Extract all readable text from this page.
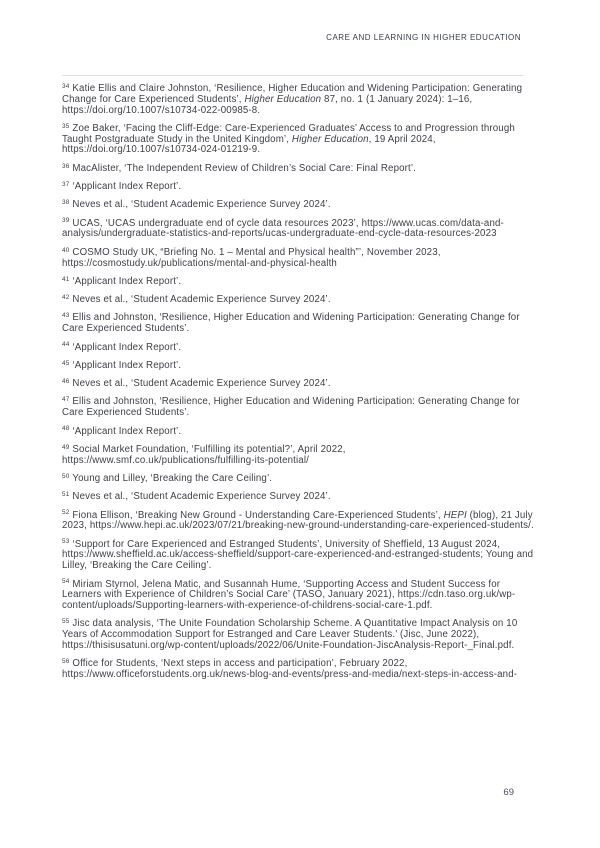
CARE AND LEARNING IN HIGHER EDUCATION

$^{34}$ Katie Ellis and Claire Johnston, ‘Resilience, Higher Education and Widening Participation: Generating Change for Care Experienced Students’, Higher Education 87, no. 1 (1 January 2024): 1–16, https://doi.org/10.1007/s10734-022-00985-8.

$^{35}$ Zoe Baker, ‘Facing the Cliff-Edge: Care-Experienced Graduates’ Access to and Progression through Taught Postgraduate Study in the United Kingdom’, Higher Education, 19 April 2024, https://doi.org/10.1007/s10734-024-01219-9.

$^{36}$ MacAlister, ‘The Independent Review of Children’s Social Care: Final Report’.

$^{37}$ ‘Applicant Index Report’.

$^{38}$ Neves et al., ‘Student Academic Experience Survey 2024’.

$^{39}$ UCAS, ‘UCAS undergraduate end of cycle data resources 2023’, https://www.ucas.com/data-and-analysis/undergraduate-statistics-and-reports/ucas-undergraduate-end-cycle-data-resources-2023

$^{40}$ COSMO Study UK, “Briefing No. 1 – Mental and Physical health”’, November 2023, https://cosmostudy.uk/publications/mental-and-physical-health

$^{41}$ ‘Applicant Index Report’.

$^{42}$ Neves et al., ‘Student Academic Experience Survey 2024’.

$^{43}$ Ellis and Johnston, ‘Resilience, Higher Education and Widening Participation: Generating Change for Care Experienced Students’.

$^{44}$ ‘Applicant Index Report’.

$^{45}$ ‘Applicant Index Report’.

$^{46}$ Neves et al., ‘Student Academic Experience Survey 2024’.

$^{47}$ Ellis and Johnston, ‘Resilience, Higher Education and Widening Participation: Generating Change for Care Experienced Students’.

$^{48}$ ‘Applicant Index Report’.

$^{49}$ Social Market Foundation, ‘Fulfilling its potential?’, April 2022, https://www.smf.co.uk/publications/fulfilling-its-potential/

$^{50}$ Young and Lilley, ‘Breaking the Care Ceiling’.

$^{51}$ Neves et al., ‘Student Academic Experience Survey 2024’.

$^{52}$ Fiona Ellison, ‘Breaking New Ground - Understanding Care-Experienced Students’, HEPI (blog), 21 July 2023, https://www.hepi.ac.uk/2023/07/21/breaking-new-ground-understanding-care-experienced-students/.

$^{53}$ ‘Support for Care Experienced and Estranged Students’, University of Sheffield, 13 August 2024, https://www.sheffield.ac.uk/access-sheffield/support-care-experienced-and-estranged-students; Young and Lilley, ‘Breaking the Care Ceiling’.

$^{54}$ Miriam Styrnol, Jelena Matic, and Susannah Hume, ‘Supporting Access and Student Success for Learners with Experience of Children’s Social Care’ (TASO, January 2021), https://cdn.taso.org.uk/wp-content/uploads/Supporting-learners-with-experience-of-childrens-social-care-1.pdf.

$^{55}$ Jisc data analysis, ‘The Unite Foundation Scholarship Scheme. A Quantitative Impact Analysis on 10 Years of Accommodation Support for Estranged and Care Leaver Students.’ (Jisc, June 2022), https://thisisusatuni.org/wp-content/uploads/2022/06/Unite-Foundation-JiscAnalysis-Report-_Final.pdf.

$^{56}$ Office for Students, ‘Next steps in access and participation’, February 2022, https://www.officeforstudents.org.uk/news-blog-and-events/press-and-media/next-steps-in-access-and-

69
